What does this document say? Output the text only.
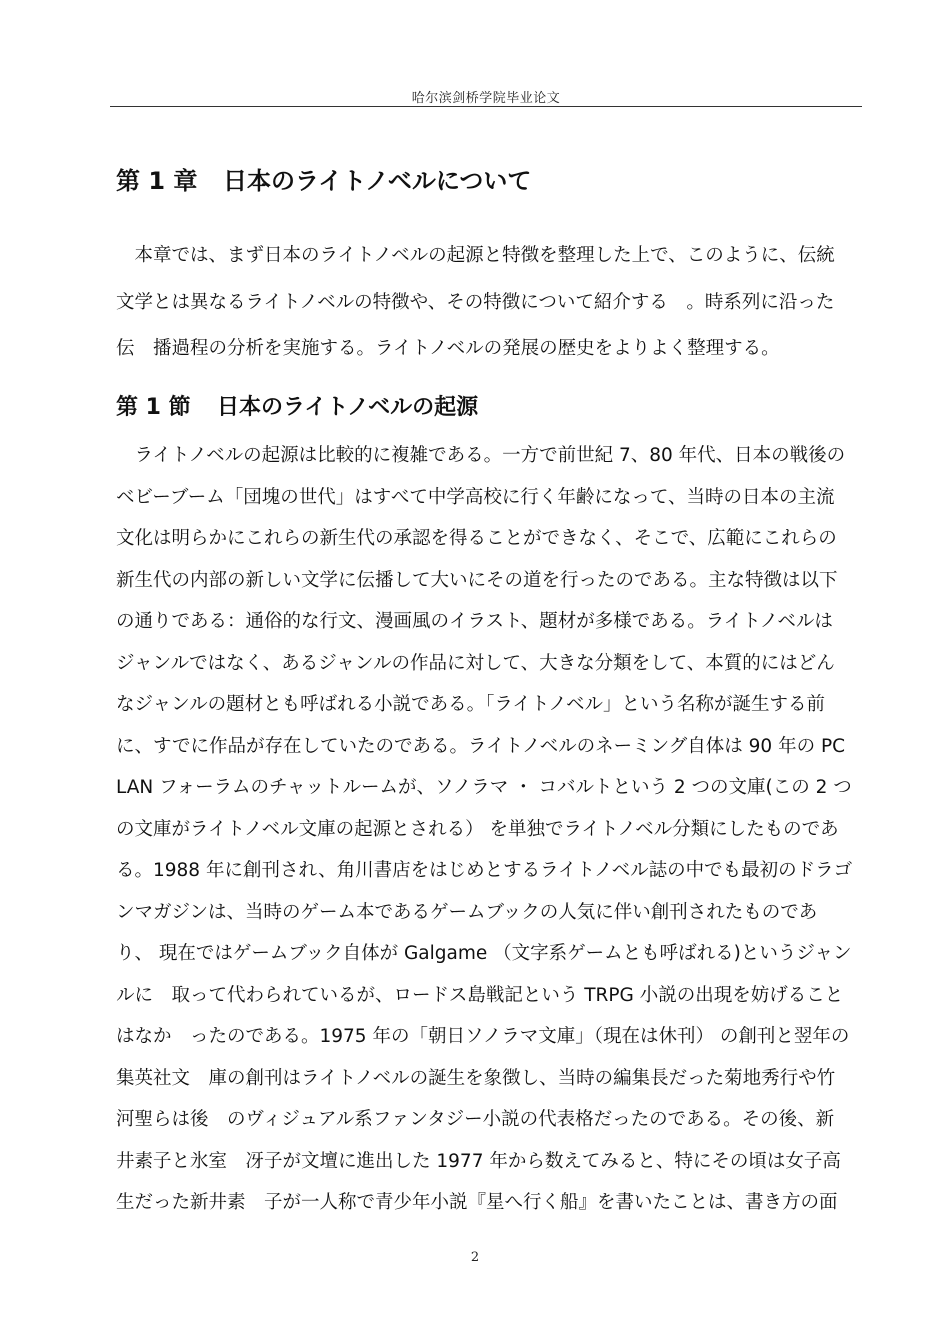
哈尔滨剑桥学院毕业论文
第 1 章 日本のライトノベルについて
　本章では、まず日本のライトノベルの起源と特徴を整理した上で、このように、伝統
文学とは異なるライトノベルの特徴や、その特徴について紹介する　。時系列に沿った
伝　播過程の分析を実施する。ライトノベルの発展の歴史をよりよく整理する。
第 1 節 日本のライトノベルの起源
　ライトノベルの起源は比較的に複雑である。一方で前世紀 7、80 年代、日本の戦後の
ベビーブーム「団塊の世代」はすべて中学高校に行く年齢になって、当時の日本の主流
文化は明らかにこれらの新生代の承認を得ることができなく、そこで、広範にこれらの
新生代の内部の新しい文学に伝播して大いにその道を行ったのである。主な特徴は以下
の通りである：通俗的な行文、漫画風のイラスト、題材が多様である。ライトノベルは
ジャンルではなく、あるジャンルの作品に対して、大きな分類をして、本質的にはどん
なジャンルの題材とも呼ばれる小説である。「ライトノベル」という名称が誕生する前
に、すでに作品が存在していたのである。ライトノベルのネーミング自体は 90 年の PC
LAN フォーラムのチャットルームが、ソノラマ ・ コバルトという 2 つの文庫(この 2 つ
の文庫がライトノベル文庫の起源とされる） を単独でライトノベル分類にしたものであ
る。1988 年に創刊され、角川書店をはじめとするライトノベル誌の中でも最初のドラゴ
ンマガジンは、当時のゲーム本であるゲームブックの人気に伴い創刊されたものであ
り、 現在ではゲームブック自体が Galgame （文字系ゲームとも呼ばれる)というジャン
ルに　取って代わられているが、ロードス島戦記という TRPG 小説の出現を妨げること
はなか　ったのである。1975 年の「朝日ソノラマ文庫」（現在は休刊） の創刊と翌年の
集英社文　庫の創刊はライトノベルの誕生を象徴し、当時の編集長だった菊地秀行や竹
河聖らは後　のヴィジュアル系ファンタジー小説の代表格だったのである。その後、新
井素子と氷室　冴子が文壇に進出した 1977 年から数えてみると、特にその頃は女子高
生だった新井素　子が一人称で青少年小説『星へ行く船』を書いたことは、書き方の面
2
